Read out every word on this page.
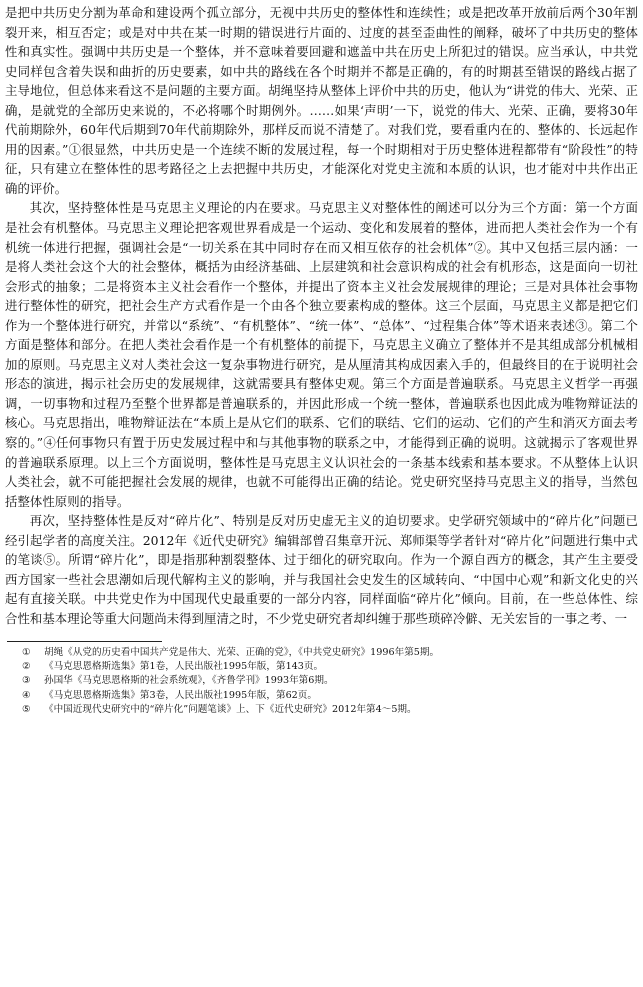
是把中共历史分割为革命和建设两个孤立部分，无视中共历史的整体性和连续性；或是把改革开放前后两个30年割裂开来，相互否定；或是对中共在某一时期的错误进行片面的、过度的甚至歪曲性的阐释，破坏了中共历史的整体性和真实性。强调中共历史是一个整体，并不意味着要回避和遮盖中共在历史上所犯过的错误。应当承认，中共党史同样包含着失误和曲折的历史要素，如中共的路线在各个时期并不都是正确的，有的时期甚至错误的路线占据了主导地位，但总体来看这不是问题的主要方面。胡绳坚持从整体上评价中共的历史，他认为“讲党的伟大、光荣、正确，是就党的全部历史来说的，不必将哪个时期例外。……如果‘声明’一下，说党的伟大、光荣、正确，要将30年代前期除外，60年代后期到70年代前期除外，那样反而说不清楚了。对我们党，要看重内在的、整体的、长远起作用的因素。”①很显然，中共历史是一个连续不断的发展过程，每一个时期相对于历史整体进程都带有“阶段性”的特征，只有建立在整体性的思考路径之上去把握中共历史，才能深化对党史主流和本质的认识，也才能对中共作出正确的评价。

其次，坚持整体性是马克思主义理论的内在要求。马克思主义对整体性的阐述可以分为三个方面：第一个方面是社会有机整体。马克思主义理论把客观世界看成是一个运动、变化和发展着的整体，进而把人类社会作为一个有机统一体进行把握，强调社会是“一切关系在其中同时存在而又相互依存的社会机体”②。其中又包括三层内涵：一是将人类社会这个大的社会整体，概括为由经济基础、上层建筑和社会意识构成的社会有机形态，这是面向一切社会形式的抽象；二是将资本主义社会看作一个整体，并提出了资本主义社会发展规律的理论；三是对具体社会事物进行整体性的研究，把社会生产方式看作是一个由各个独立要素构成的整体。这三个层面，马克思主义都是把它们作为一个整体进行研究，并常以“系统”、“有机整体”、“统一体”、“总体”、“过程集合体”等术语来表述③。第二个方面是整体和部分。在把人类社会看作是一个有机整体的前提下，马克思主义确立了整体并不是其组成部分机械相加的原则。马克思主义对人类社会这一复杂事物进行研究，是从厘清其构成因素入手的，但最终目的在于说明社会形态的演进，揭示社会历史的发展规律，这就需要具有整体史观。第三个方面是普遍联系。马克思主义哲学一再强调，一切事物和过程乃至整个世界都是普遍联系的，并因此形成一个统一整体，普遍联系也因此成为唯物辩证法的核心。马克思指出，唯物辩证法在“本质上是从它们的联系、它们的联结、它们的运动、它们的产生和消灭方面去考察的。”④任何事物只有置于历史发展过程中和与其他事物的联系之中，才能得到正确的说明。这就揭示了客观世界的普遍联系原理。以上三个方面说明，整体性是马克思主义认识社会的一条基本线索和基本要求。不从整体上认识人类社会，就不可能把握社会发展的规律，也就不可能得出正确的结论。党史研究坚持马克思主义的指导，当然包括整体性原则的指导。

再次，坚持整体性是反对“碎片化”、特别是反对历史虚无主义的迫切要求。史学研究领域中的“碎片化”问题已经引起学者的高度关注。2012年《近代史研究》编辑部曾召集章开沅、郑师渠等学者针对“碎片化”问题进行集中式的笔谈⑤。所谓“碎片化”，即是指那种割裂整体、过于细化的研究取向。作为一个源自西方的概念，其产生主要受西方国家一些社会思潮如后现代解构主义的影响，并与我国社会史发生的区域转向、“中国中心观”和新文化史的兴起有直接关联。中共党史作为中国现代史最重要的一部分内容，同样面临“碎片化”倾向。目前，在一些总体性、综合性和基本理论等重大问题尚未得到厘清之时，不少党史研究者却纠缠于那些琐碎冷僻、无关宏旨的一事之考、一

①	胡绳《从党的历史看中国共产党是伟大、光荣、正确的党》，《中共党史研究》1996年第5期。
②	《马克思恩格斯选集》第1卷，人民出版社1995年版，第143页。
③	孙国华《马克思恩格斯的社会系统观》，《齐鲁学刊》1993年第6期。
④	《马克思恩格斯选集》第3卷，人民出版社1995年版，第62页。
⑤	《中国近现代史研究中的“碎片化”问题笔谈》上、下《近代史研究》2012年第4～5期。
